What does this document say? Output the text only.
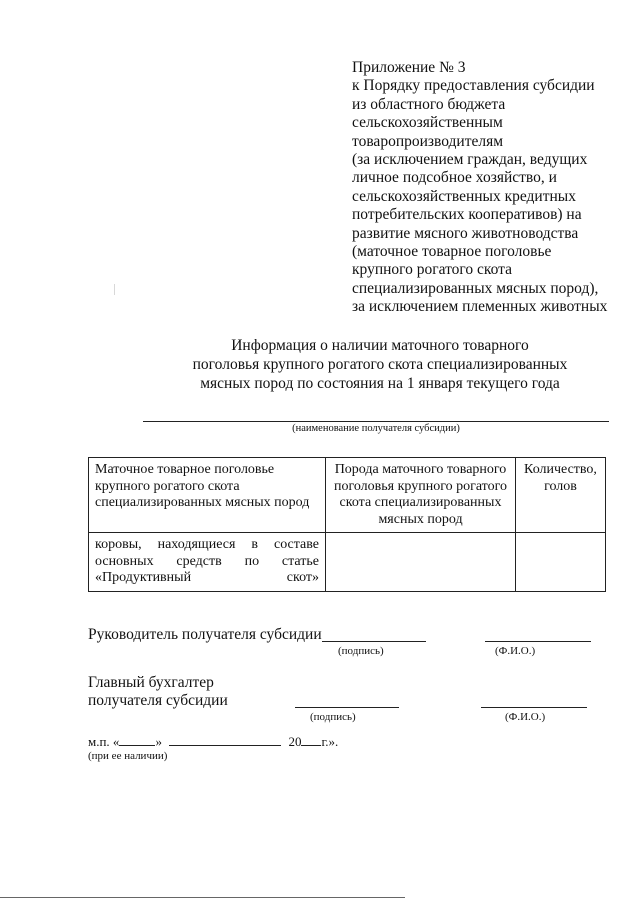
Приложение № 3
к Порядку предоставления субсидии
из областного бюджета
сельскохозяйственным
товаропроизводителям
(за исключением граждан, ведущих
личное подсобное хозяйство, и
сельскохозяйственных кредитных
потребительских кооперативов) на
развитие мясного животноводства
(маточное товарное поголовье
крупного рогатого скота
специализированных мясных пород),
за исключением племенных животных
Информация о наличии маточного товарного
поголовья крупного рогатого скота специализированных
мясных пород по состояния на 1 января текущего года
(наименование получателя субсидии)
Маточное товарное поголовье крупного рогатого скота специализированных мясных пород	Порода маточного товарного поголовья крупного рогатого скота специализированных мясных пород	Количество, голов
коровы, находящиеся в составе основных средств по статье «Продуктивный скот»		
Руководитель получателя субсидии
(подпись)	(Ф.И.О.)
Главный бухгалтер
получателя субсидии
(подпись)	(Ф.И.О.)
м.п. «	»	20 г.».
(при ее наличии)
